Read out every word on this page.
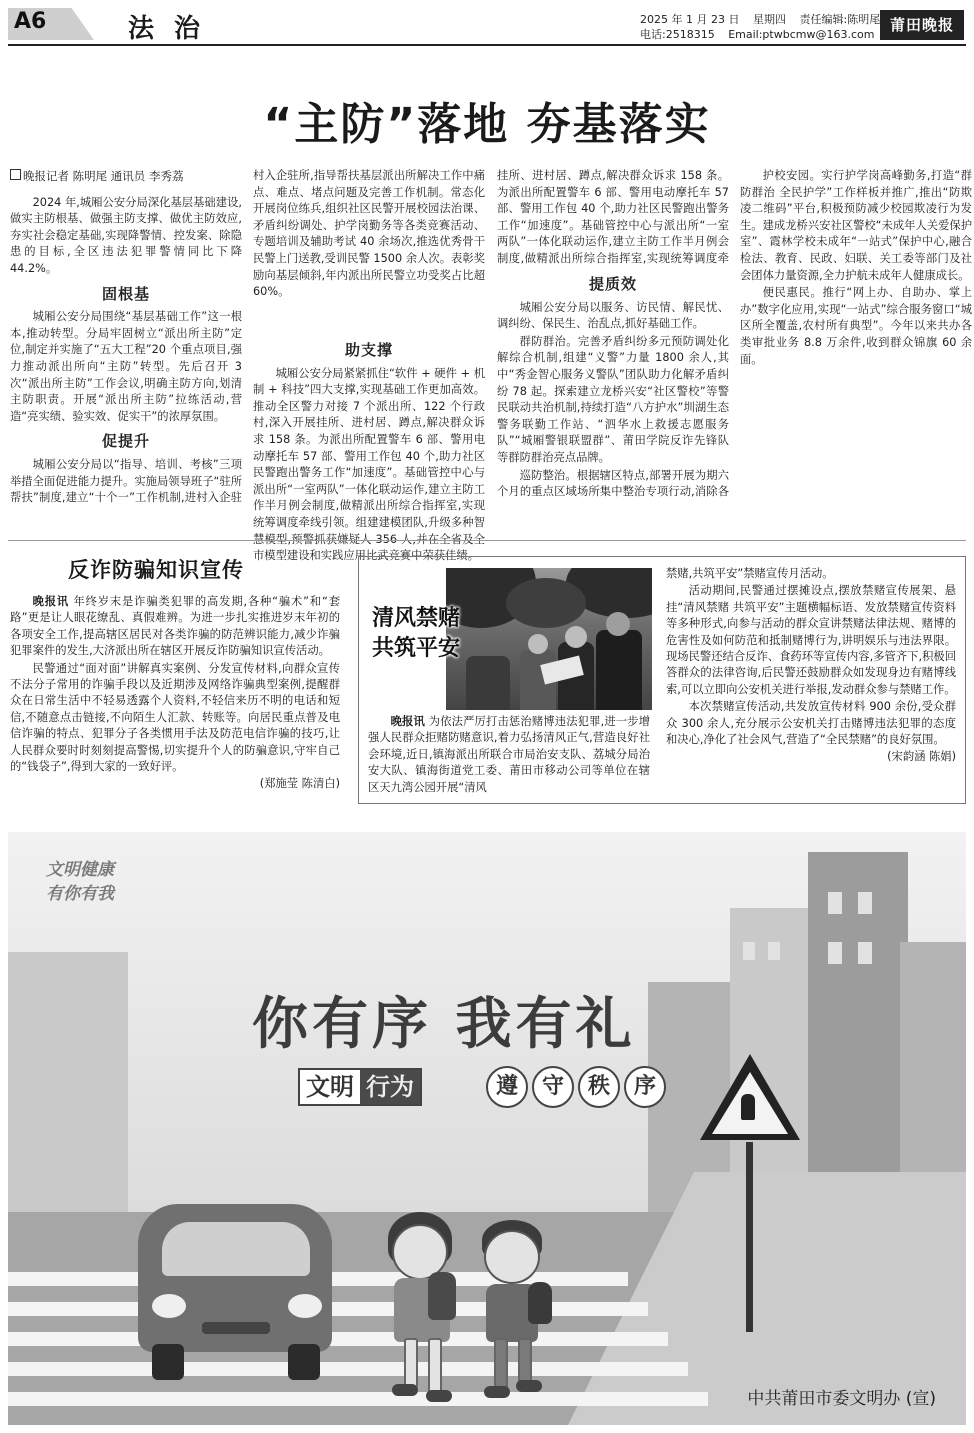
A6	法治	2025 年 1 月 23 日 星期四 责任编辑:陈明尾
电话:2518315 Email:ptwbcmw@163.com
莆田晚报
“主防”落地 夯基落实

晚报记者 陈明尾 通讯员 李秀荔

2024 年,城厢公安分局深化基层基础建设,做实主防根基、做强主防支撑、做优主防效应,夯实社会稳定基础,实现降警情、控发案、除隐患的目标,全区违法犯罪警情同比下降 44.2%。

固根基

城厢公安分局围绕“基层基础工作”这一根本,推动转型。分局牢固树立“派出所主防”定位,制定并实施了“五大工程”20 个重点项目,强力推动派出所向“主防”转型。先后召开 3 次“派出所主防”工作会议,明确主防方向,划清主防职责。开展“派出所主防”拉练活动,营造“亮实绩、验实效、促实干”的浓厚氛围。

促提升

城厢公安分局以“指导、培训、考核”三项举措全面促进能力提升。实施局领导班子“驻所帮扶”制度,建立“十个一”工作机制,进村入企驻

村入企驻所,指导帮扶基层派出所解决工作中痛点、难点、堵点问题及完善工作机制。常态化开展岗位练兵,组织社区民警开展校园法治课、矛盾纠纷调处、护学岗勤务等各类竞赛活动、专题培训及辅助考试 40 余场次,推选优秀骨干民警上门送教,受训民警 1500 余人次。表彰奖励向基层倾斜,年内派出所民警立功受奖占比超 60%。

助支撑

城厢公安分局紧紧抓住“软件 + 硬件 + 机制 + 科技”四大支撑,实现基础工作更加高效。推动全区警力对接 7 个派出所、122 个行政村,深入开展挂所、进村居、蹲点,解决群众诉求 158 条。为派出所配置警车 6 部、警用电动摩托车 57 部、警用工作包 40 个,助力社区民警跑出警务工作“加速度”。基础管控中心与派出所“一室两队”一体化联动运作,建立主防工作半月例会制度,做精派出所综合指挥室,实现统筹调度牵线引领。组建建模团队,升级多种智 市模型建设和实践应用比武竞赛中荣获佳绩。

挂所、进村居、蹲点,解决群众诉求 158 条。为派出所配置警车 6 部、警用电动摩托车 57 部、警用工作包 40 个,助力社区民警跑出警务工作“加速度”。基础管控中心与派出所“一室两队”一体化联动运作,建立主防工作半月例会制度,做精派出所综合指挥室,实现统筹调度牵

提质效

城厢公安分局以服务、访民情、解民忧、调纠纷、保民生、治乱点,抓好基础工作。

群防群治。完善矛盾纠纷多元预防调处化解综合机制,组建“义警”力量 1800 余人,其中“秀金智心服务义警队”团队助力化解矛盾纠纷 78 起。探索建立龙桥兴安“社区警校”等警民联动共治机制,持续打造“八方护水”圳湖生态警务联勤工作站、“泗华水上救援志愿服务队”“城厢警银联盟群”、莆田学院反诈先锋队等群防群治亮点品牌。

巡防整治。根据辖区特点,部署开展为期六个月的重点区域场所集中整治专项行动,消除各

护校安园。实行护学岗高峰勤务,打造“群防群治 全民护学”工作样板并推广,推出“防欺凌二维码”平台,积极预防减少校园欺凌行为发生。建成龙桥兴安社区警校“未成年人关爱保护室”、霞林学校未成年“一站式”保护中心,融合检法、教育、民政、妇联、关工委等部门及社会团体力量资源,全力护航未成年人健康成长。

便民惠民。推行“网上办、自助办、掌上办”数字化应用,实现“一站式”综合服务窗口“城区所全覆盖,农村所有典型”。今年以来共办各类审批业务 8.8 万余件,收到群众锦旗 60 余面。

反诈防骗知识宣传

晚报讯 年终岁末是诈骗类犯罪的高发期,各种“骗术”和“套路”更是让人眼花缭乱、真假难辨。为进一步扎实推进岁末年初的各项安全工作,提高辖区居民对各类诈骗的防范辨识能力,减少诈骗犯罪案件的发生,大济派出所在辖区开展反诈防骗知识宣传活动。

民警通过“面对面”讲解真实案例、分发宣传材料,向群众宣传不法分子常用的诈骗手段以及近期涉及网络诈骗典型案例,提醒群众在日常生活中不轻易透露个人资料,不轻信来历不明的电话和短信,不随意点击链接,不向陌生人汇款、转账等。向居民重点普及电信诈骗的特点、犯罪分子各类惯用手法及防范电信诈骗的技巧,让人民群众要时时刻刻提高警惕,切实提升个人的防骗意识,守牢自己的“钱袋子”,得到大家的一致好评。

(郑施莹 陈清白)

清风禁赌
共筑平安

晚报讯 为依法严厉打击惩治赌博违法犯罪,进一步增强人民群众拒赌防赌意识,着力弘扬清风正气,营造良好社会环境,近日,镇海派出所联合市局治安支队、荔城分局治安大队、镇海街道党工委、莆田市移动公司等单位在辖区天九湾公园开展“清风

禁赌,共筑平安”禁赌宣传月活动。

活动期间,民警通过摆摊设点,摆放禁赌宣传展架、悬挂“清风禁赌 共筑平安”主题横幅标语、发放禁赌宣传资料等多种形式,向参与活动的群众宣讲禁赌法律法规、赌博的危害性及如何防范和抵制赌博行为,讲明娱乐与违法界限。现场民警还结合反诈、食药环等宣传内容,多管齐下,积极回答群众的法律咨询,后民警还鼓励群众如发现身边有赌博线索,可以立即向公安机关进行举报,发动群众参与禁赌工作。

本次禁赌宣传活动,共发放宣传材料 900 余份,受众群众 300 余人,充分展示公安机关打击赌博违法犯罪的态度和决心,净化了社会风气,营造了“全民禁赌”的良好氛围。

(宋韵涵 陈娟)

文明健康
有你有我
你有序 我有礼
文明 行为	遵	守	秩	序
中共莆田市委文明办 (宣)
